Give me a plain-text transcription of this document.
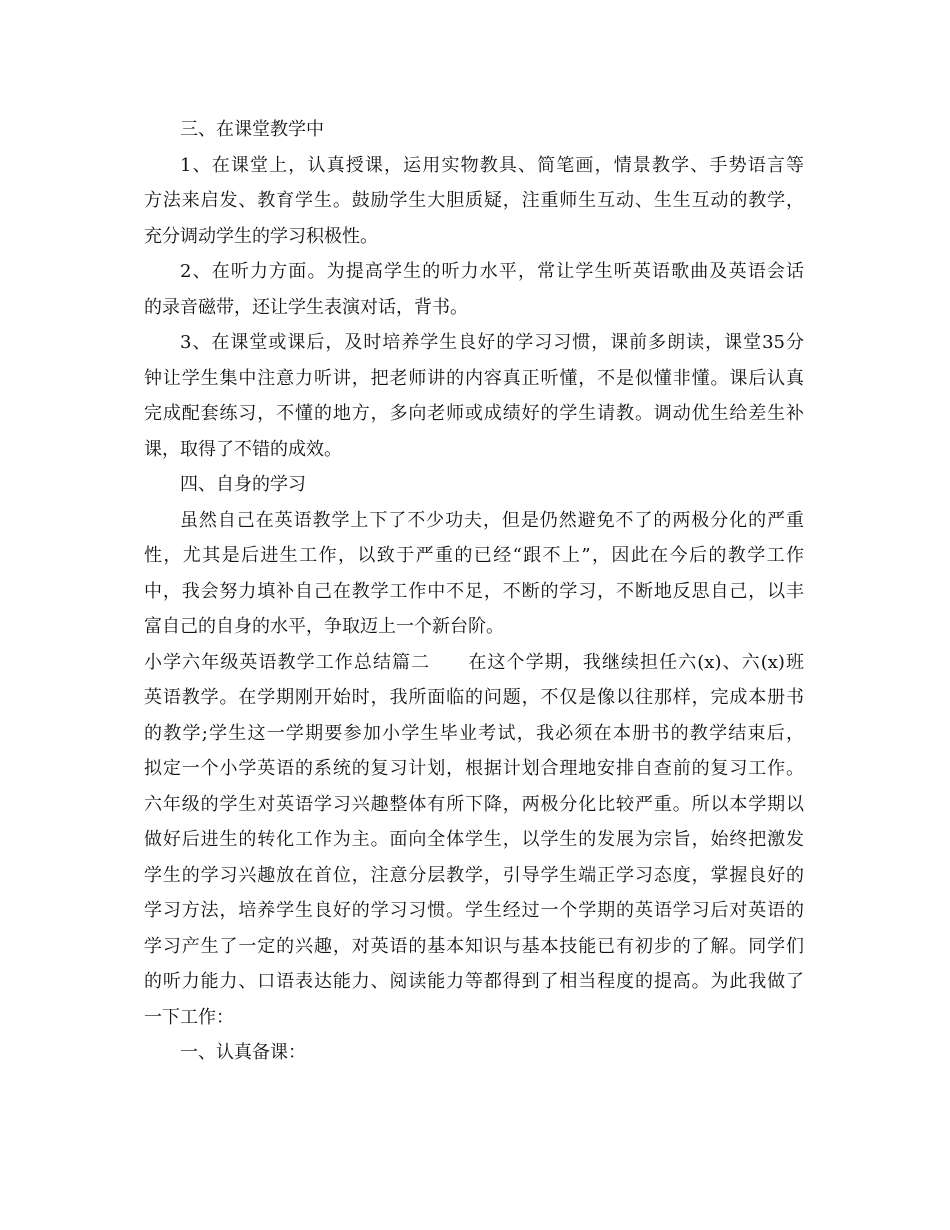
三、在课堂教学中
1、在课堂上，认真授课，运用实物教具、简笔画，情景教学、手势语言等
方法来启发、教育学生。鼓励学生大胆质疑，注重师生互动、生生互动的教学，
充分调动学生的学习积极性。
2、在听力方面。为提高学生的听力水平，常让学生听英语歌曲及英语会话
的录音磁带，还让学生表演对话，背书。
3、在课堂或课后，及时培养学生良好的学习习惯，课前多朗读，课堂35分
钟让学生集中注意力听讲，把老师讲的内容真正听懂，不是似懂非懂。课后认真
完成配套练习，不懂的地方，多向老师或成绩好的学生请教。调动优生给差生补
课，取得了不错的成效。
四、自身的学习
虽然自己在英语教学上下了不少功夫，但是仍然避免不了的两极分化的严重
性，尤其是后进生工作，以致于严重的已经“跟不上”，因此在今后的教学工作
中，我会努力填补自己在教学工作中不足，不断的学习，不断地反思自己，以丰
富自己的自身的水平，争取迈上一个新台阶。
小学六年级英语教学工作总结篇二　　在这个学期，我继续担任六(x)、六(x)班
英语教学。在学期刚开始时，我所面临的问题，不仅是像以往那样，完成本册书
的教学;学生这一学期要参加小学生毕业考试，我必须在本册书的教学结束后，
拟定一个小学英语的系统的复习计划，根据计划合理地安排自查前的复习工作。
六年级的学生对英语学习兴趣整体有所下降，两极分化比较严重。所以本学期以
做好后进生的转化工作为主。面向全体学生，以学生的发展为宗旨，始终把激发
学生的学习兴趣放在首位，注意分层教学，引导学生端正学习态度，掌握良好的
学习方法，培养学生良好的学习习惯。学生经过一个学期的英语学习后对英语的
学习产生了一定的兴趣，对英语的基本知识与基本技能已有初步的了解。同学们
的听力能力、口语表达能力、阅读能力等都得到了相当程度的提高。为此我做了
一下工作：
一、认真备课：
